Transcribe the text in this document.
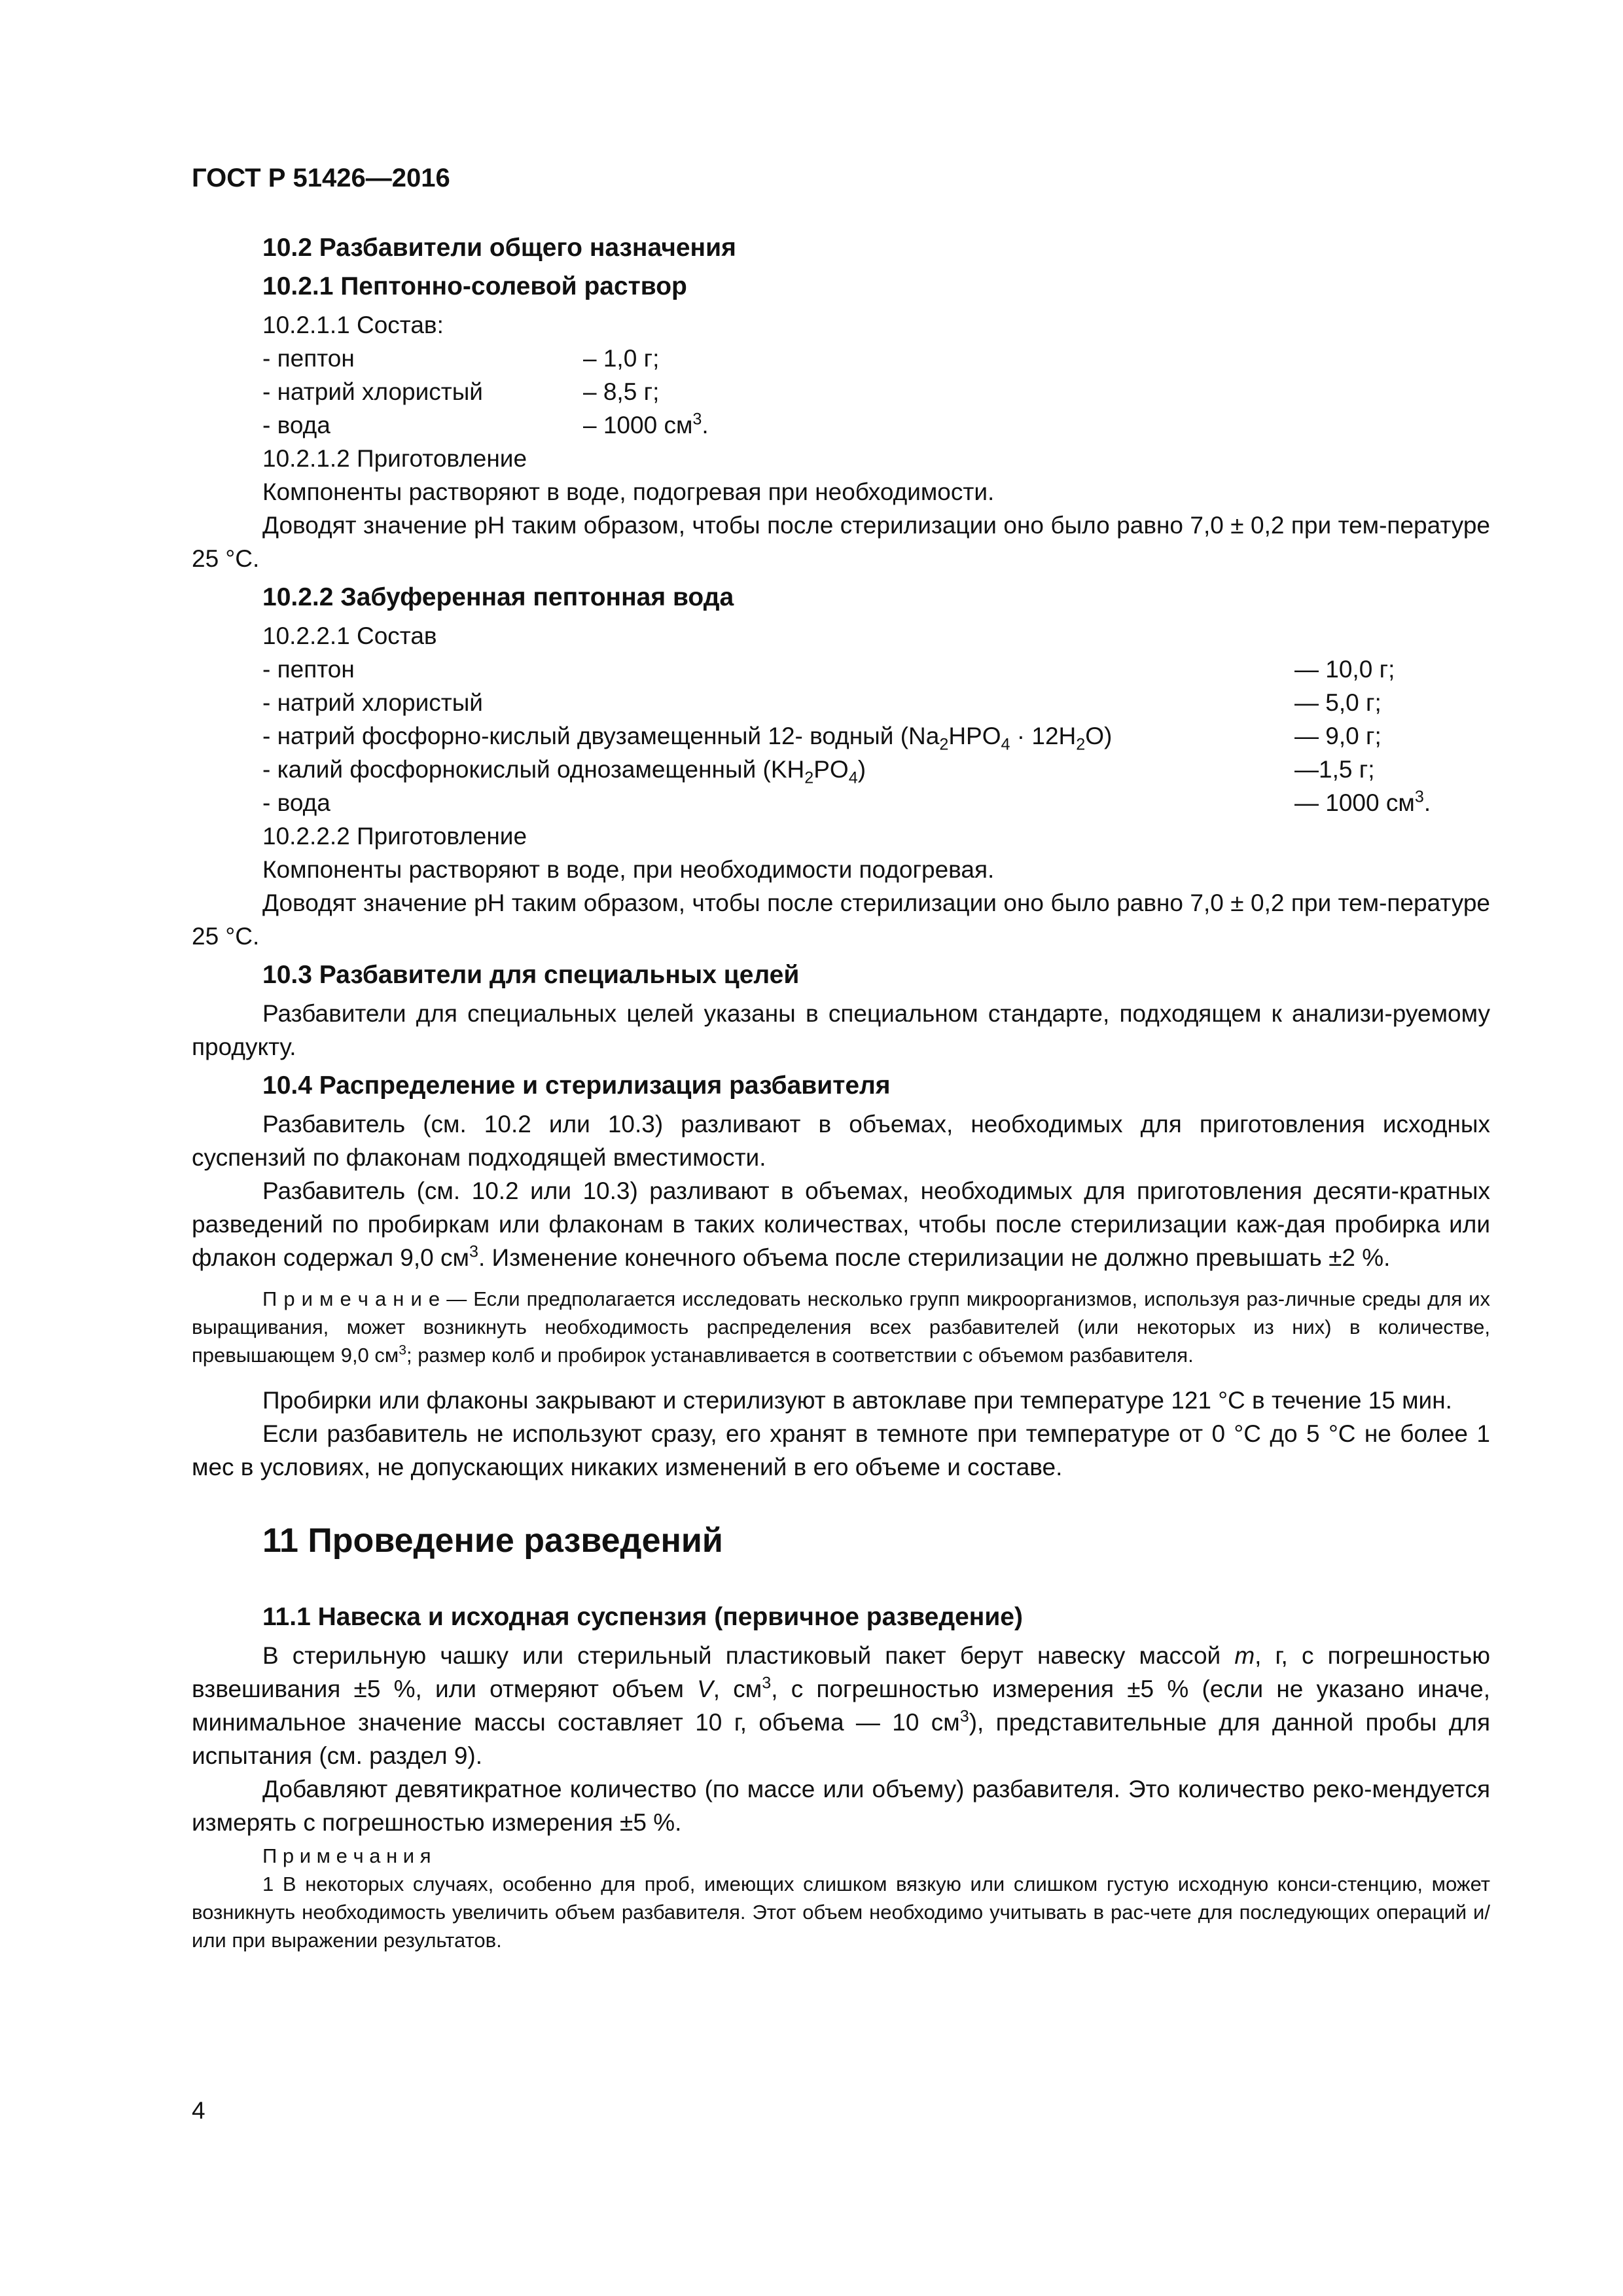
ГОСТ Р 51426—2016

10.2 Разбавители общего назначения

10.2.1 Пептонно-солевой раствор

10.2.1.1 Состав:

- пептон	– 1,0 г;
- натрий хлористый	– 8,5 г;
- вода	– 1000 $см^3$.

10.2.1.2 Приготовление

Компоненты растворяют в воде, подогревая при необходимости.

Доводят значение pH таким образом, чтобы после стерилизации оно было равно 7,0 ± 0,2 при тем-пературе 25 °С.

10.2.2 Забуференная пептонная вода

10.2.2.1 Состав

- пептон	— 10,0 г;
- натрий хлористый	— 5,0 г;
- натрий фосфорно-кислый двузамещенный 12- водный $(Na_2HPO_4 \cdot 12H_2O)$	— 9,0 г;
- калий фосфорнокислый однозамещенный $(KH_2PO_4)$	—1,5 г;
- вода	— 1000 $см^3$.

10.2.2.2 Приготовление

Компоненты растворяют в воде, при необходимости подогревая.

Доводят значение pH таким образом, чтобы после стерилизации оно было равно 7,0 ± 0,2 при тем-пературе 25 °С.

10.3 Разбавители для специальных целей

Разбавители для специальных целей указаны в специальном стандарте, подходящем к анализи-руемому продукту.

10.4 Распределение и стерилизация разбавителя

Разбавитель (см. 10.2 или 10.3) разливают в объемах, необходимых для приготовления исходных суспензий по флаконам подходящей вместимости.

Разбавитель (см. 10.2 или 10.3) разливают в объемах, необходимых для приготовления десяти-кратных разведений по пробиркам или флаконам в таких количествах, чтобы после стерилизации каж-дая пробирка или флакон содержал 9,0 $см^3$. Изменение конечного объема после стерилизации не должно превышать ±2 %.

П р и м е ч а н и е — Если предполагается исследовать несколько групп микроорганизмов, используя раз-личные среды для их выращивания, может возникнуть необходимость распределения всех разбавителей (или некоторых из них) в количестве, превышающем 9,0 $см^3$; размер колб и пробирок устанавливается в соответствии с объемом разбавителя.

Пробирки или флаконы закрывают и стерилизуют в автоклаве при температуре 121 °С в течение 15 мин.

Если разбавитель не используют сразу, его хранят в темноте при температуре от 0 °С до 5 °С не более 1 мес в условиях, не допускающих никаких изменений в его объеме и составе.

11 Проведение разведений

11.1 Навеска и исходная суспензия (первичное разведение)

В стерильную чашку или стерильный пластиковый пакет берут навеску массой m, г, с погрешностью взвешивания ±5 %, или отмеряют объем V, $см^3$, с погрешностью измерения ±5 % (если не указано иначе, минимальное значение массы составляет 10 г, объема — 10 $см^3$), представительные для данной пробы для испытания (см. раздел 9).

Добавляют девятикратное количество (по массе или объему) разбавителя. Это количество реко-мендуется измерять с погрешностью измерения ±5 %.

П р и м е ч а н и я

1 В некоторых случаях, особенно для проб, имеющих слишком вязкую или слишком густую исходную конси-стенцию, может возникнуть необходимость увеличить объем разбавителя. Этот объем необходимо учитывать в рас-чете для последующих операций и/или при выражении результатов.

4
